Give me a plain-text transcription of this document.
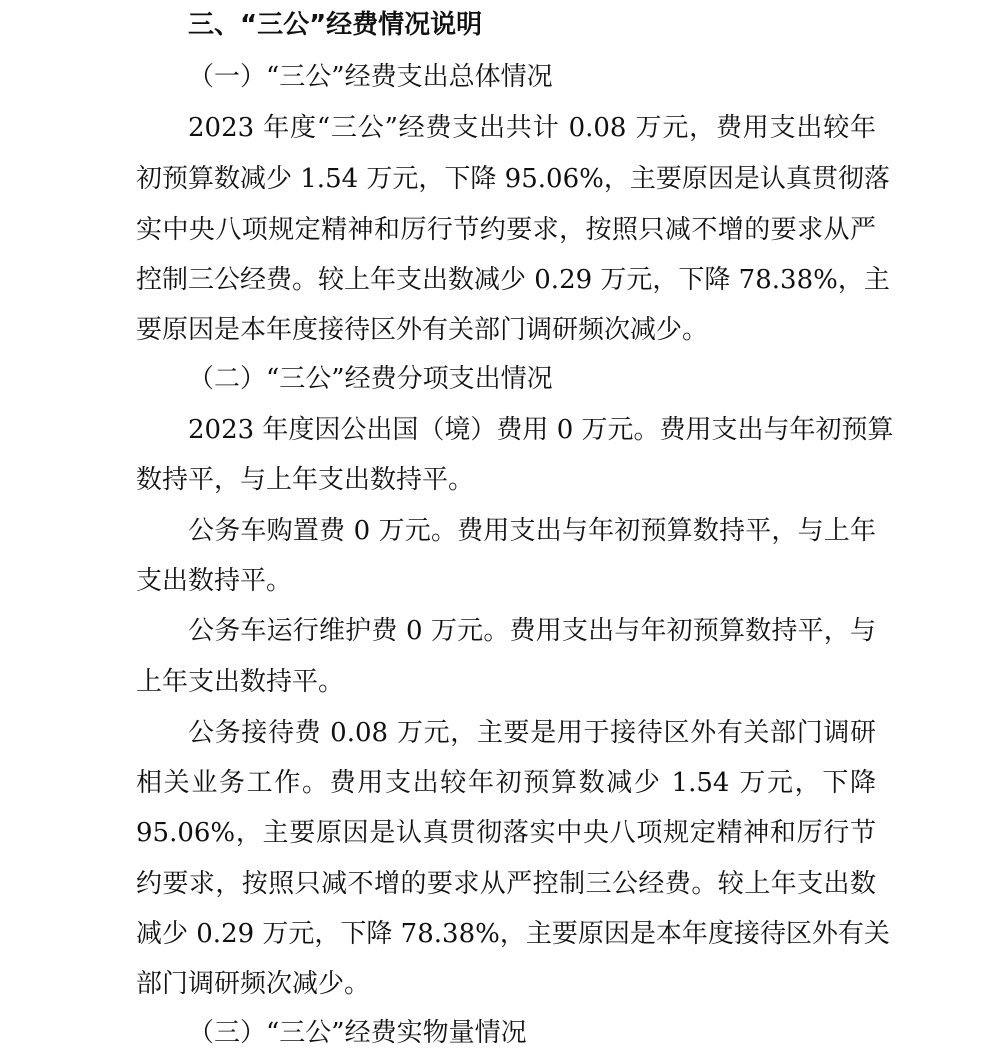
三、“三公”经费情况说明
（一）“三公”经费支出总体情况
2023 年度“三公”经费支出共计 0.08 万元，费用支出较年
初预算数减少 1.54 万元，下降 95.06%，主要原因是认真贯彻落
实中央八项规定精神和厉行节约要求，按照只减不增的要求从严
控制三公经费。较上年支出数减少 0.29 万元，下降 78.38%，主
要原因是本年度接待区外有关部门调研频次减少。
（二）“三公”经费分项支出情况
2023 年度因公出国（境）费用 0 万元。费用支出与年初预算
数持平，与上年支出数持平。
公务车购置费 0 万元。费用支出与年初预算数持平，与上年
支出数持平。
公务车运行维护费 0 万元。费用支出与年初预算数持平，与
上年支出数持平。
公务接待费 0.08 万元，主要是用于接待区外有关部门调研
相关业务工作。费用支出较年初预算数减少 1.54 万元，下降
95.06%，主要原因是认真贯彻落实中央八项规定精神和厉行节
约要求，按照只减不增的要求从严控制三公经费。较上年支出数
减少 0.29 万元，下降 78.38%，主要原因是本年度接待区外有关
部门调研频次减少。
（三）“三公”经费实物量情况
